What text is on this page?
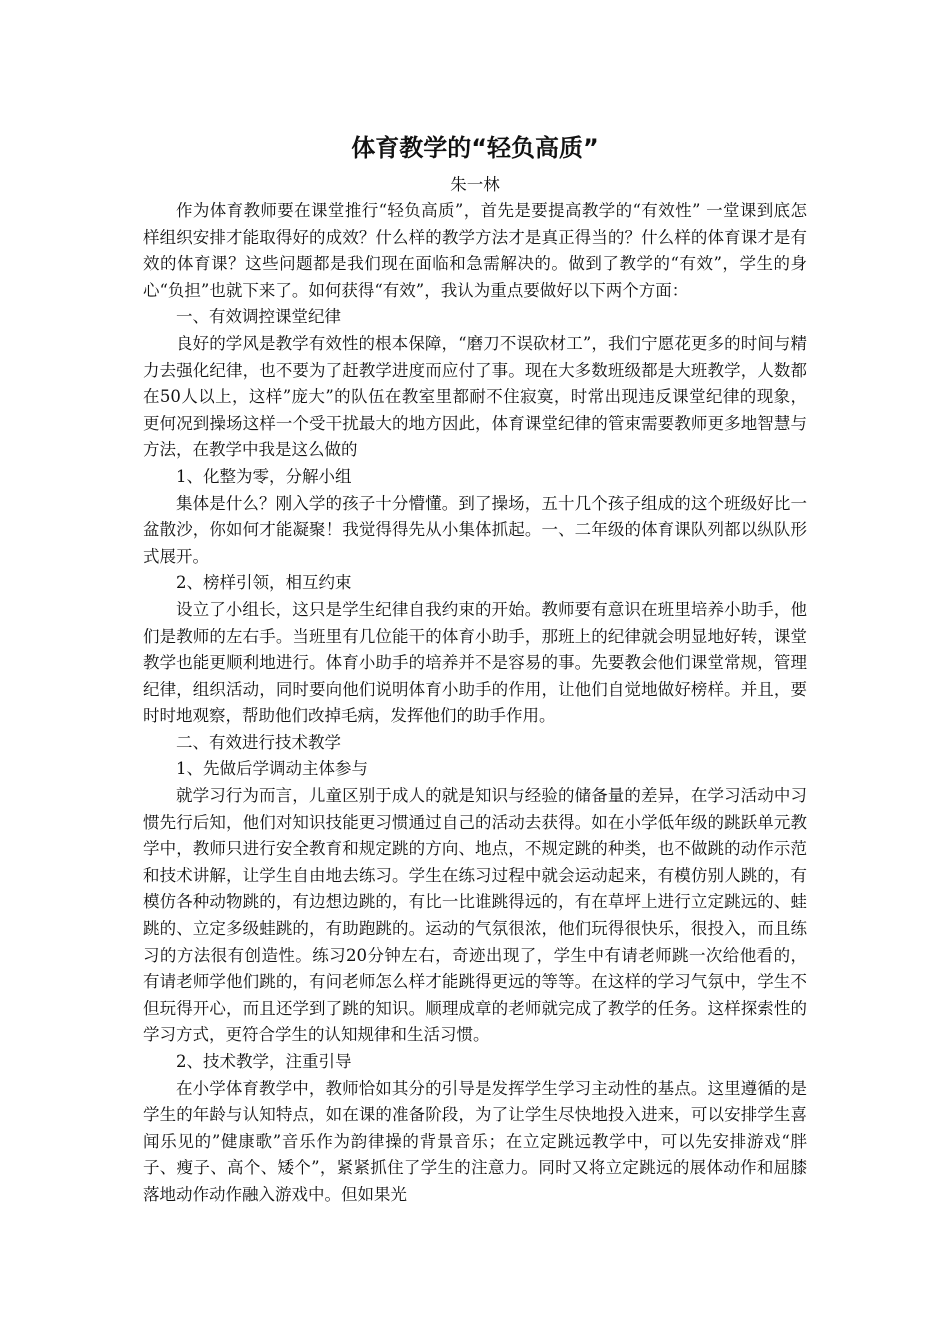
体育教学的“轻负高质”

朱一林

作为体育教师要在课堂推行“轻负高质”，首先是要提高教学的“有效性” 一堂课到底怎样组织安排才能取得好的成效？什么样的教学方法才是真正得当的？什么样的体育课才是有效的体育课？这些问题都是我们现在面临和急需解决的。做到了教学的“有效”，学生的身心“负担”也就下来了。如何获得“有效”，我认为重点要做好以下两个方面：

一、有效调控课堂纪律

良好的学风是教学有效性的根本保障，“磨刀不误砍材工”，我们宁愿花更多的时间与精力去强化纪律，也不要为了赶教学进度而应付了事。现在大多数班级都是大班教学，人数都在50人以上，这样”庞大”的队伍在教室里都耐不住寂寞，时常出现违反课堂纪律的现象，更何况到操场这样一个受干扰最大的地方因此，体育课堂纪律的管束需要教师更多地智慧与方法，在教学中我是这么做的

1、化整为零，分解小组

集体是什么？刚入学的孩子十分懵懂。到了操场，五十几个孩子组成的这个班级好比一盆散沙，你如何才能凝聚！我觉得得先从小集体抓起。一、二年级的体育课队列都以纵队形式展开。

2、榜样引领，相互约束

设立了小组长，这只是学生纪律自我约束的开始。教师要有意识在班里培养小助手，他们是教师的左右手。当班里有几位能干的体育小助手，那班上的纪律就会明显地好转，课堂教学也能更顺利地进行。体育小助手的培养并不是容易的事。先要教会他们课堂常规，管理纪律，组织活动，同时要向他们说明体育小助手的作用，让他们自觉地做好榜样。并且，要时时地观察，帮助他们改掉毛病，发挥他们的助手作用。

二、有效进行技术教学

1、先做后学调动主体参与

就学习行为而言，儿童区别于成人的就是知识与经验的储备量的差异，在学习活动中习惯先行后知，他们对知识技能更习惯通过自己的活动去获得。如在小学低年级的跳跃单元教学中，教师只进行安全教育和规定跳的方向、地点，不规定跳的种类，也不做跳的动作示范和技术讲解，让学生自由地去练习。学生在练习过程中就会运动起来，有模仿别人跳的，有模仿各种动物跳的，有边想边跳的，有比一比谁跳得远的，有在草坪上进行立定跳远的、蛙跳的、立定多级蛙跳的，有助跑跳的。运动的气氛很浓，他们玩得很快乐，很投入，而且练习的方法很有创造性。练习20分钟左右，奇迹出现了，学生中有请老师跳一次给他看的，有请老师学他们跳的，有问老师怎么样才能跳得更远的等等。在这样的学习气氛中，学生不但玩得开心，而且还学到了跳的知识。顺理成章的老师就完成了教学的任务。这样探索性的学习方式，更符合学生的认知规律和生活习惯。

2、技术教学，注重引导

在小学体育教学中，教师恰如其分的引导是发挥学生学习主动性的基点。这里遵循的是学生的年龄与认知特点，如在课的准备阶段，为了让学生尽快地投入进来，可以安排学生喜闻乐见的”健康歌”音乐作为韵律操的背景音乐；在立定跳远教学中，可以先安排游戏“胖子、瘦子、高个、矮个”，紧紧抓住了学生的注意力。同时又将立定跳远的展体动作和屈膝落地动作动作融入游戏中。但如果光
